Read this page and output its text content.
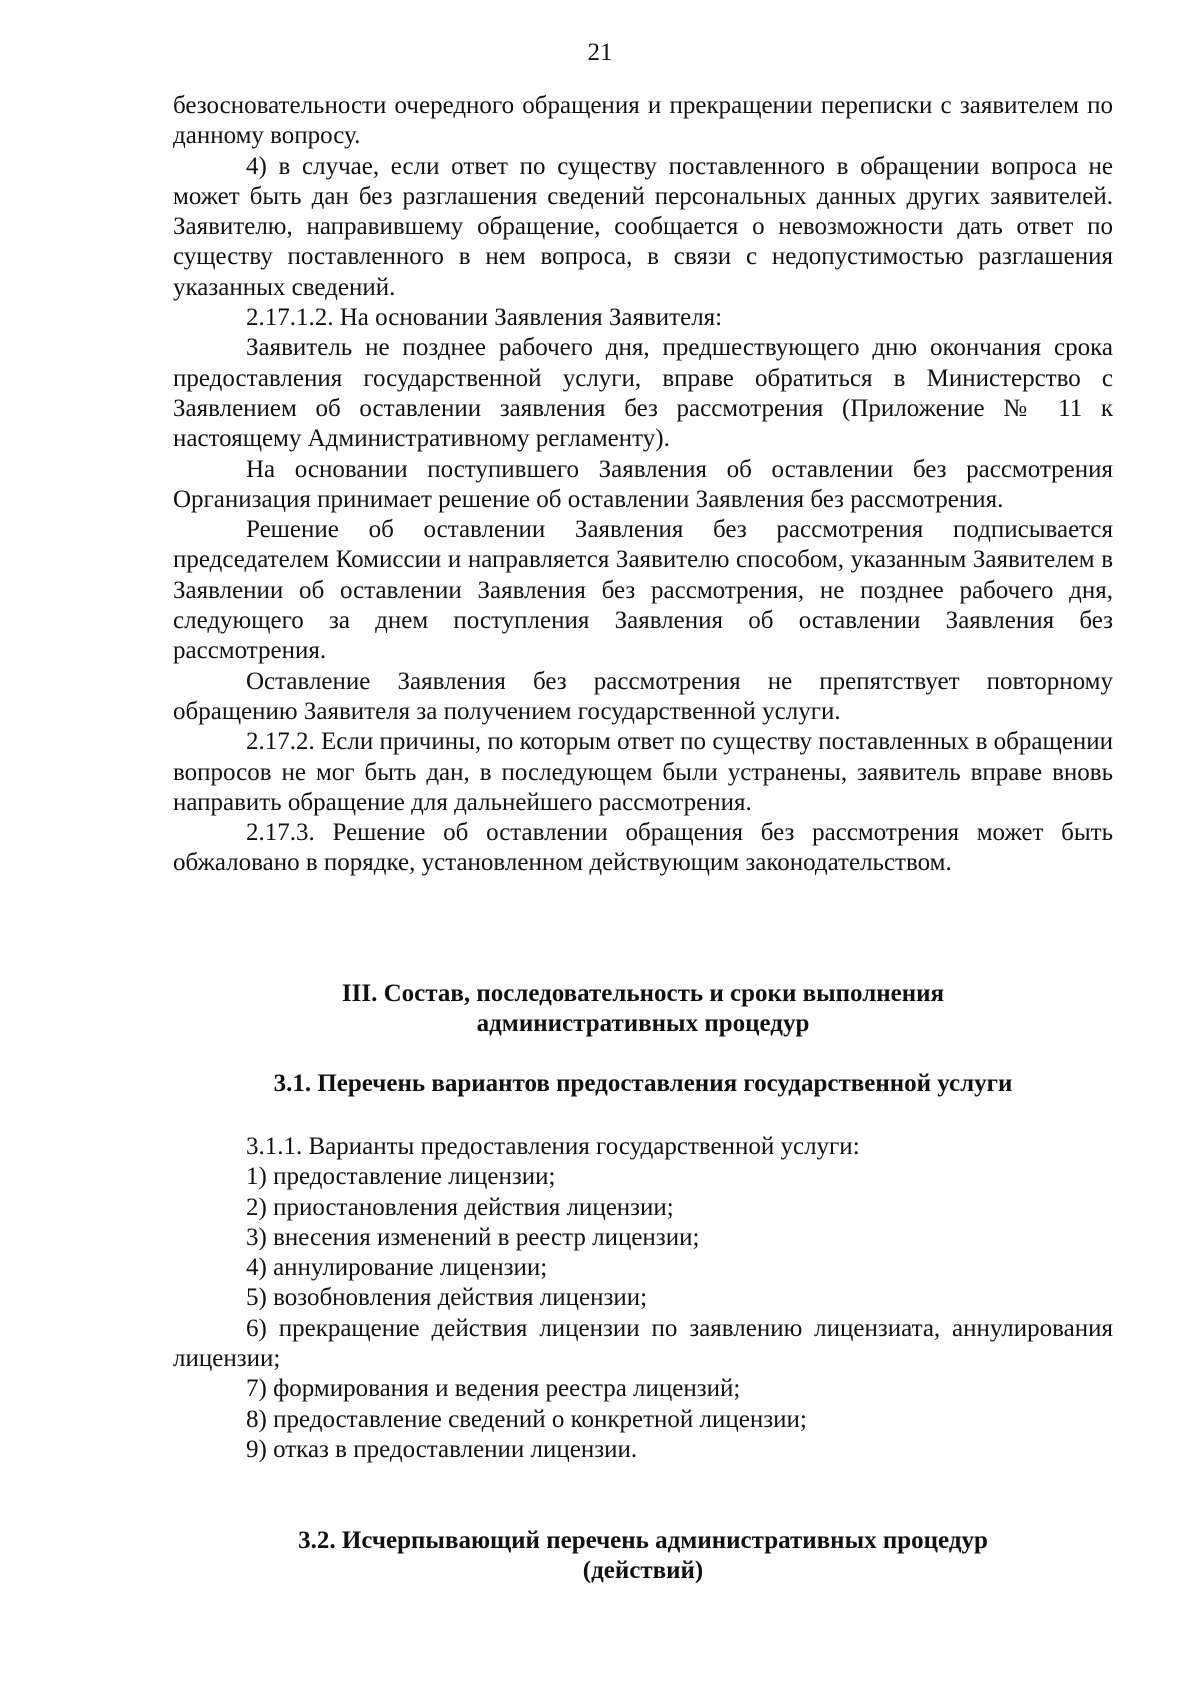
21

безосновательности очередного обращения и прекращении переписки с заявителем по данному вопросу.

4) в случае, если ответ по существу поставленного в обращении вопроса не может быть дан без разглашения сведений персональных данных других заявителей. Заявителю, направившему обращение, сообщается о невозможности дать ответ по существу поставленного в нем вопроса, в связи с недопустимостью разглашения указанных сведений.

2.17.1.2. На основании Заявления Заявителя:

Заявитель не позднее рабочего дня, предшествующего дню окончания срока предоставления государственной услуги, вправе обратиться в Министерство с Заявлением об оставлении заявления без рассмотрения (Приложение № 11 к настоящему Административному регламенту).

На основании поступившего Заявления об оставлении без рассмотрения Организация принимает решение об оставлении Заявления без рассмотрения.

Решение об оставлении Заявления без рассмотрения подписывается председателем Комиссии и направляется Заявителю способом, указанным Заявителем в Заявлении об оставлении Заявления без рассмотрения, не позднее рабочего дня, следующего за днем поступления Заявления об оставлении Заявления без рассмотрения.

Оставление Заявления без рассмотрения не препятствует повторному обращению Заявителя за получением государственной услуги.

2.17.2. Если причины, по которым ответ по существу поставленных в обращении вопросов не мог быть дан, в последующем были устранены, заявитель вправе вновь направить обращение для дальнейшего рассмотрения.

2.17.3. Решение об оставлении обращения без рассмотрения может быть обжаловано в порядке, установленном действующим законодательством.

III. Состав, последовательность и сроки выполнения
административных процедур
3.1. Перечень вариантов предоставления государственной услуги

3.1.1. Варианты предоставления государственной услуги:

1) предоставление лицензии;

2) приостановления действия лицензии;

3) внесения изменений в реестр лицензии;

4) аннулирование лицензии;

5) возобновления действия лицензии;

6) прекращение действия лицензии по заявлению лицензиата, аннулирования лицензии;

7) формирования и ведения реестра лицензий;

8) предоставление сведений о конкретной лицензии;

9) отказ в предоставлении лицензии.

3.2. Исчерпывающий перечень административных процедур
(действий)
